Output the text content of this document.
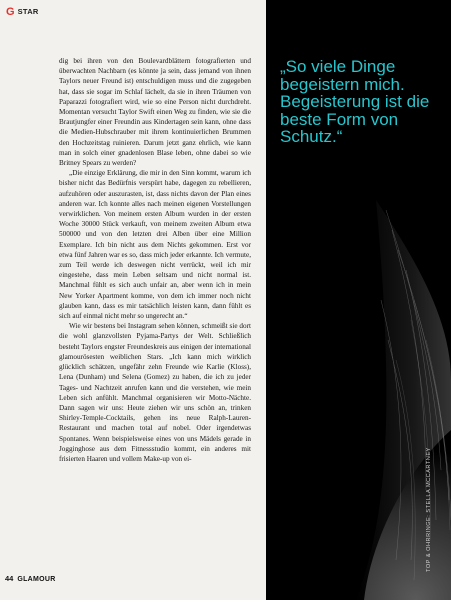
G STAR

dig bei ihren von den Boulevardblättern fotografierten und überwachten Nachbarn (es könnte ja sein, dass jemand von ihnen Taylors neuer Freund ist) entschuldigen muss und die zugegeben hat, dass sie sogar im Schlaf lächelt, da sie in ihren Träumen von Paparazzi fotografiert wird, wie so eine Person nicht durchdreht. Momentan versucht Taylor Swift einen Weg zu finden, wie sie die Brautjungfer einer Freundin aus Kindertagen sein kann, ohne dass die Medien-Hubschrauber mit ihrem kontinuierlichen Brummen den Hochzeitstag ruinieren. Darum jetzt ganz ehrlich, wie kann man in solch einer gnadenlosen Blase leben, ohne dabei so wie Britney Spears zu werden?

„Die einzige Erklärung, die mir in den Sinn kommt, warum ich bisher nicht das Bedürfnis verspürt habe, dagegen zu rebellieren, aufzuhören oder auszurasten, ist, dass nichts davon der Plan eines anderen war. Ich konnte alles nach meinen eigenen Vorstellungen verwirklichen. Von meinem ersten Album wurden in der ersten Woche 30000 Stück verkauft, von meinem zweiten Album etwa 500000 und von den letzten drei Alben über eine Million Exemplare. Ich bin nicht aus dem Nichts gekommen. Erst vor etwa fünf Jahren war es so, dass mich jeder erkannte. Ich vermute, zum Teil werde ich deswegen nicht verrückt, weil ich mir eingestehe, dass mein Leben seltsam und nicht normal ist. Manchmal fühlt es sich auch unfair an, aber wenn ich in mein New Yorker Apartment komme, von dem ich immer noch nicht glauben kann, dass es mir tatsächlich leisten kann, dann fühlt es sich auf einmal nicht mehr so ungerecht an.“

Wie wir bestens bei Instagram sehen können, schmeißt sie dort die wohl glanzvollsten Pyjama-Partys der Welt. Schließlich besteht Taylors engster Freundeskreis aus einigen der international glamourösesten weiblichen Stars. „Ich kann mich wirklich glücklich schätzen, ungefähr zehn Freunde wie Karlie (Kloss), Lena (Dunham) und Selena (Gomez) zu haben, die ich zu jeder Tages- und Nachtzeit anrufen kann und die verstehen, wie mein Leben sich anfühlt. Manchmal organisieren wir Motto-Nächte. Dann sagen wir uns: Heute ziehen wir uns schön an, trinken Shirley-Temple-Cocktails, gehen ins neue Ralph-Lauren-Restaurant und machen total auf nobel. Oder irgendetwas Spontanes. Wenn beispielsweise eines von uns Mädels gerade in Jogginghose aus dem Fitnessstudio kommt, ein anderes mit frisierten Haaren und vollem Make-up von ei-

44 GLAMOUR

„So viele Dinge begeistern mich. Begeisterung ist die beste Form von Schutz.“

TOP & OHRRINGE: STELLA MCCARTNEY
